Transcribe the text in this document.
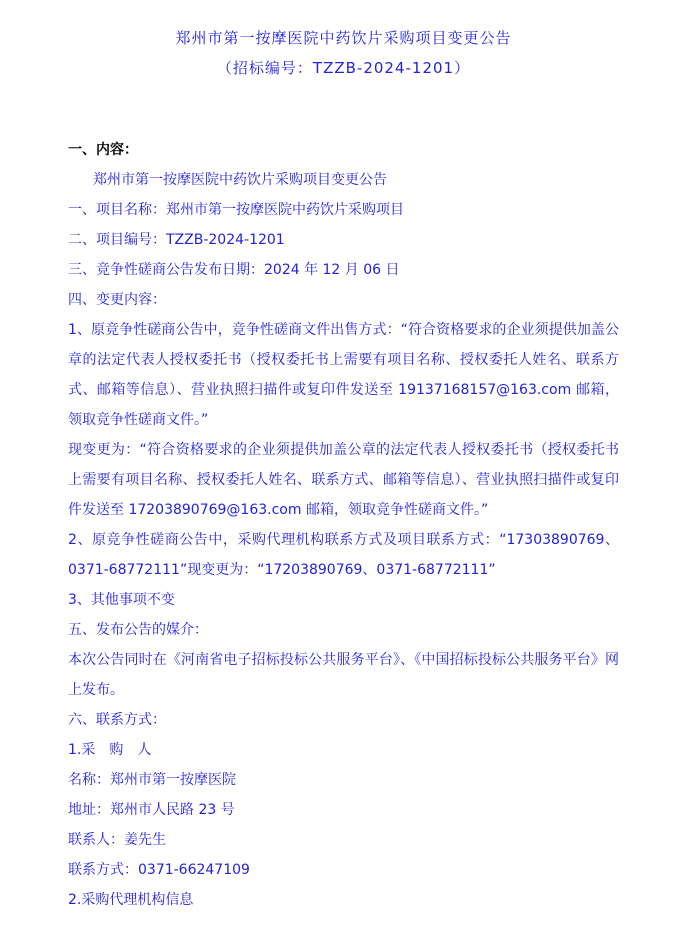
郑州市第一按摩医院中药饮片采购项目变更公告
（招标编号：TZZB-2024-1201）

一、内容：

郑州市第一按摩医院中药饮片采购项目变更公告

一、项目名称：郑州市第一按摩医院中药饮片采购项目

二、项目编号：TZZB-2024-1201

三、竞争性磋商公告发布日期：2024 年 12 月 06 日

四、变更内容：

1、原竞争性磋商公告中，竞争性磋商文件出售方式：“符合资格要求的企业须提供加盖公章的法定代表人授权委托书（授权委托书上需要有项目名称、授权委托人姓名、联系方式、邮箱等信息）、营业执照扫描件或复印件发送至 19137168157@163.com 邮箱，领取竞争性磋商文件。”

现变更为：“符合资格要求的企业须提供加盖公章的法定代表人授权委托书（授权委托书上需要有项目名称、授权委托人姓名、联系方式、邮箱等信息）、营业执照扫描件或复印件发送至 17203890769@163.com 邮箱，领取竞争性磋商文件。”

2、原竞争性磋商公告中，采购代理机构联系方式及项目联系方式：“17303890769、0371-68772111”现变更为：“17203890769、0371-68772111”

3、其他事项不变

五、发布公告的媒介：

本次公告同时在《河南省电子招标投标公共服务平台》、《中国招标投标公共服务平台》网上发布。

六、联系方式：

1.采　购　人

名称：郑州市第一按摩医院

地址：郑州市人民路 23 号

联系人：姜先生

联系方式：0371-66247109

2.采购代理机构信息
